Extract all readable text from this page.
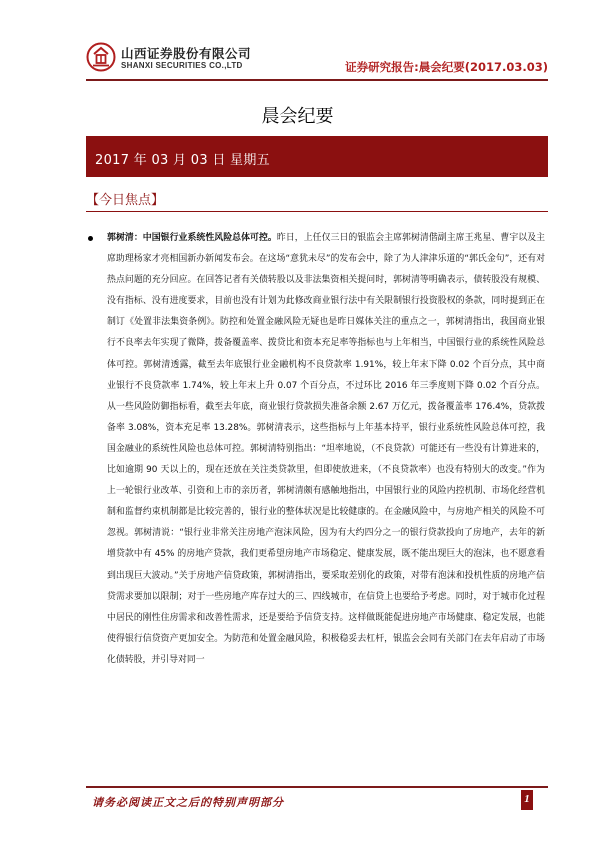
山西证券股份有限公司
SHANXI SECURITIES CO.,LTD	证券研究报告:晨会纪要(2017.03.03)
晨会纪要
2017 年 03 月 03 日 星期五
【今日焦点】
郭树清：中国银行业系统性风险总体可控。昨日，上任仅三日的银监会主席郭树清偕副主席王兆星、曹宇以及主席助理杨家才亮相国新办新闻发布会。在这场“意犹未尽”的发布会中，除了为人津津乐道的“郭氏金句”，还有对热点问题的充分回应。在回答记者有关债转股以及非法集资相关提问时，郭树清等明确表示，债转股没有规模、没有指标、没有进度要求，目前也没有计划为此修改商业银行法中有关限制银行投资股权的条款，同时提到正在制订《处置非法集资条例》。防控和处置金融风险无疑也是昨日媒体关注的重点之一，郭树清指出，我国商业银行不良率去年实现了微降，拨备覆盖率、拨贷比和资本充足率等指标也与上年相当，中国银行业的系统性风险总体可控。郭树清透露，截至去年底银行业金融机构不良贷款率 1.91%，较上年末下降 0.02 个百分点，其中商业银行不良贷款率 1.74%，较上年末上升 0.07 个百分点，不过环比 2016 年三季度则下降 0.02 个百分点。从一些风险防御指标看，截至去年底，商业银行贷款损失准备余额 2.67 万亿元，拨备覆盖率 176.4%，贷款拨备率 3.08%，资本充足率 13.28%。郭树清表示，这些指标与上年基本持平，银行业系统性风险总体可控，我国金融业的系统性风险也总体可控。郭树清特别指出：“坦率地说，（不良贷款）可能还有一些没有计算进来的，比如逾期 90 天以上的，现在还放在关注类贷款里，但即使放进来，（不良贷款率）也没有特别大的改变。”作为上一轮银行业改革、引资和上市的亲历者，郭树清颇有感触地指出，中国银行业的风险内控机制、市场化经营机制和监督约束机制都是比较完善的，银行业的整体状况是比较健康的。在金融风险中，与房地产相关的风险不可忽视。郭树清说：“银行业非常关注房地产泡沫风险，因为有大约四分之一的银行贷款投向了房地产，去年的新增贷款中有 45% 的房地产贷款，我们更希望房地产市场稳定、健康发展，既不能出现巨大的泡沫，也不愿意看到出现巨大波动。”关于房地产信贷政策，郭树清指出，要采取差别化的政策，对带有泡沫和投机性质的房地产信贷需求要加以限制；对于一些房地产库存过大的三、四线城市，在信贷上也要给予考虑。同时，对于城市化过程中居民的刚性住房需求和改善性需求，还是要给予信贷支持。这样做既能促进房地产市场健康、稳定发展，也能使得银行信贷资产更加安全。为防范和处置金融风险，积极稳妥去杠杆，银监会会同有关部门在去年启动了市场化债转股，并引导对同一
请务必阅读正文之后的特别声明部分	1
